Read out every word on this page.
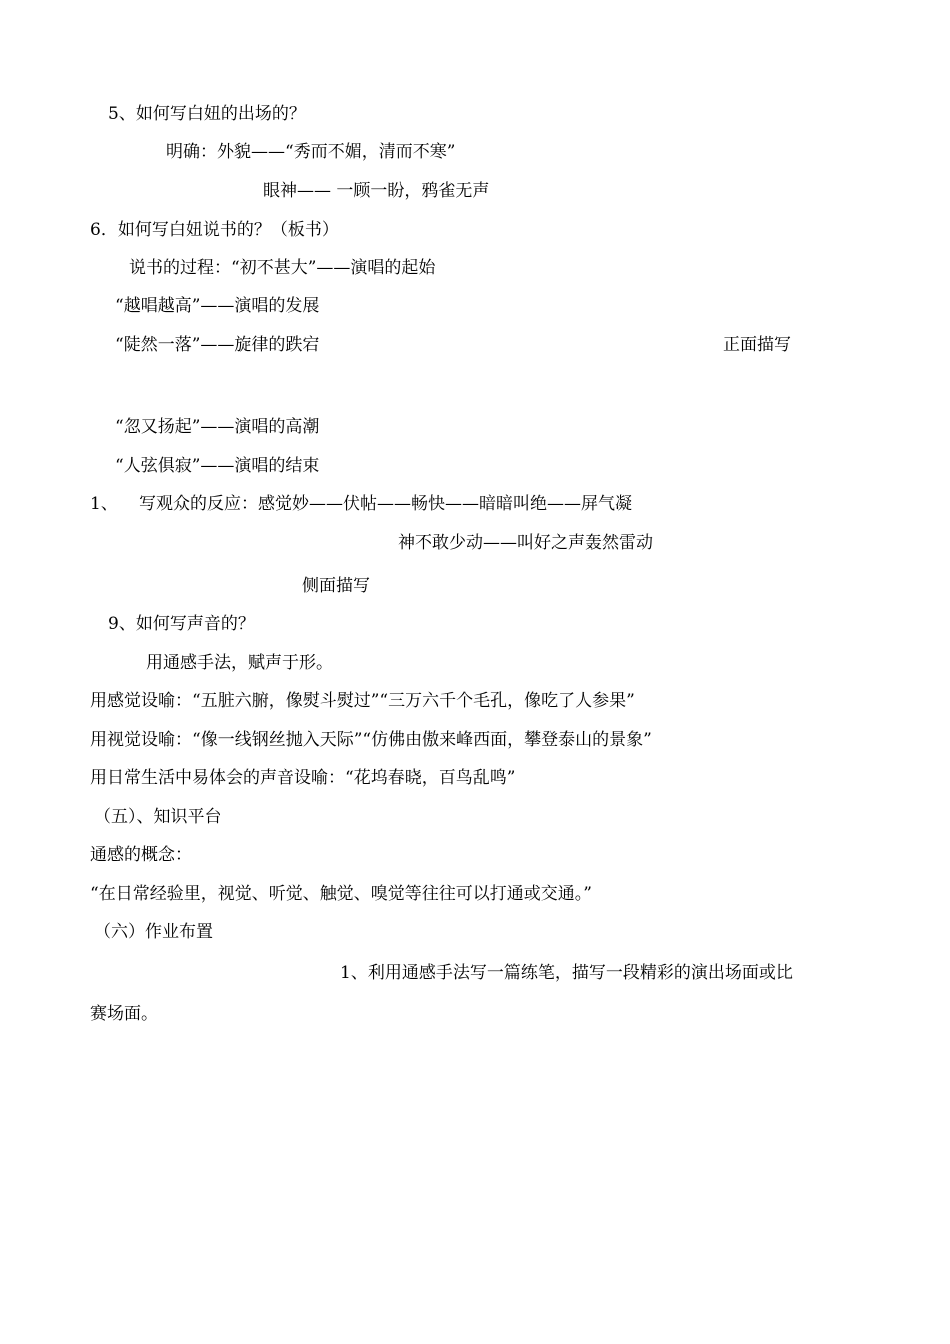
5、如何写白妞的出场的？
明确：外貌——“秀而不媚，清而不寒”
眼神—— 一顾一盼，鸦雀无声
6．如何写白妞说书的？（板书）
说书的过程：“初不甚大”——演唱的起始
“越唱越高”——演唱的发展
“陡然一落”——旋律的跌宕	正面描写
“忽又扬起”——演唱的高潮
“人弦俱寂”——演唱的结束
1、 写观众的反应：感觉妙——伏帖——畅快——暗暗叫绝——屏气凝
神不敢少动——叫好之声轰然雷动
侧面描写
9、如何写声音的？
用通感手法，赋声于形。
用感觉设喻：“五脏六腑，像熨斗熨过”“三万六千个毛孔，像吃了人参果”
用视觉设喻：“像一线钢丝抛入天际”“仿佛由傲来峰西面，攀登泰山的景象”
用日常生活中易体会的声音设喻：“花坞春晓，百鸟乱鸣”
（五）、知识平台
通感的概念：
“在日常经验里，视觉、听觉、触觉、嗅觉等往往可以打通或交通。”
（六）作业布置
1、利用通感手法写一篇练笔，描写一段精彩的演出场面或比
赛场面。
